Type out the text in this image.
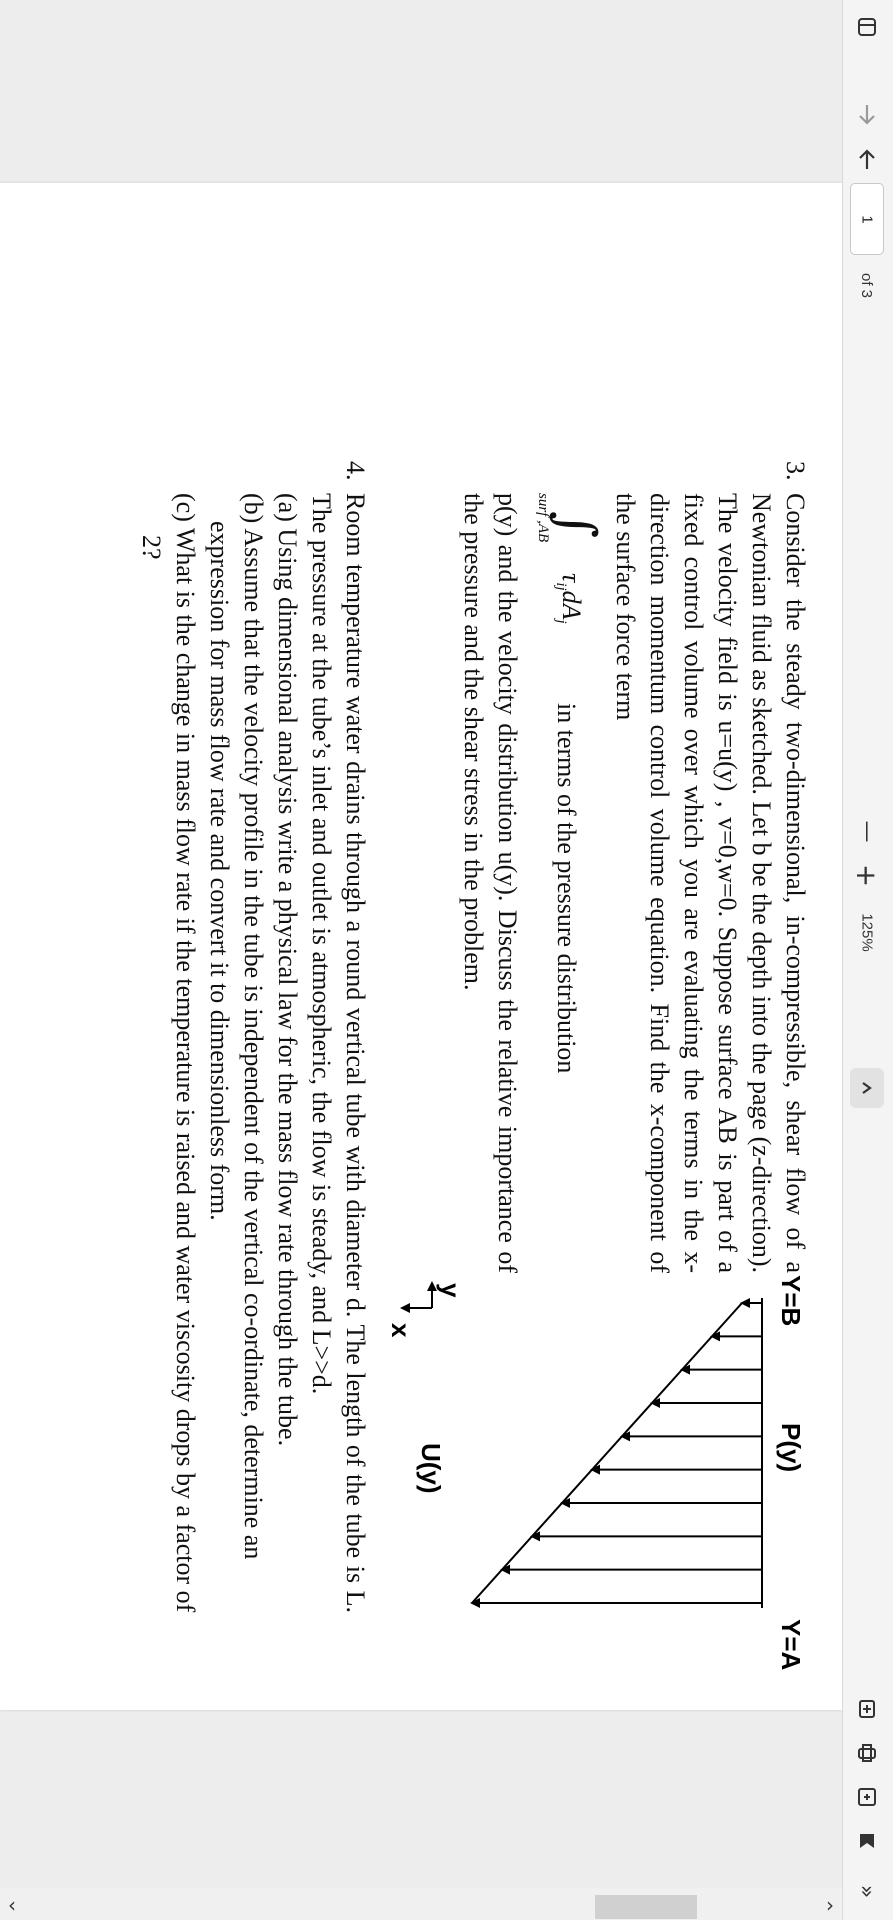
3.

Consider the steady two-dimensional, in-compressible, shear flow of a Newtonian fluid as sketched. Let b be the depth into the page (z-direction). The velocity field is u=u(y) , v=0,w=0. Suppose surface AB is part of a fixed control volume over which you are evaluating the terms in the x-direction momentum control volume equation. Find the x-component of the surface force term

∫
surf ,AB
$\tau_{ij}dA_j$
in terms of the pressure distribution

p(y) and the velocity distribution u(y). Discuss the relative importance of the pressure and the shear stress in the problem.

Y=A
Y=B
P(y)
U(y)
y
x
4.

Room temperature water drains through a round vertical tube with diameter d. The length of the tube is L. The pressure at the tube’s inlet and outlet is atmospheric, the flow is steady, and L>>d.

(a) Using dimensional analysis write a physical law for the mass flow rate through the tube.

(b) Assume that the velocity profile in the tube is independent of the vertical co-ordinate, determine an expression for mass flow rate and convert it to dimensionless form.

(c) What is the change in mass flow rate if the temperature is raised and water viscosity drops by a factor of 2?

‹	›
1
of 3
—
+
125%
»
